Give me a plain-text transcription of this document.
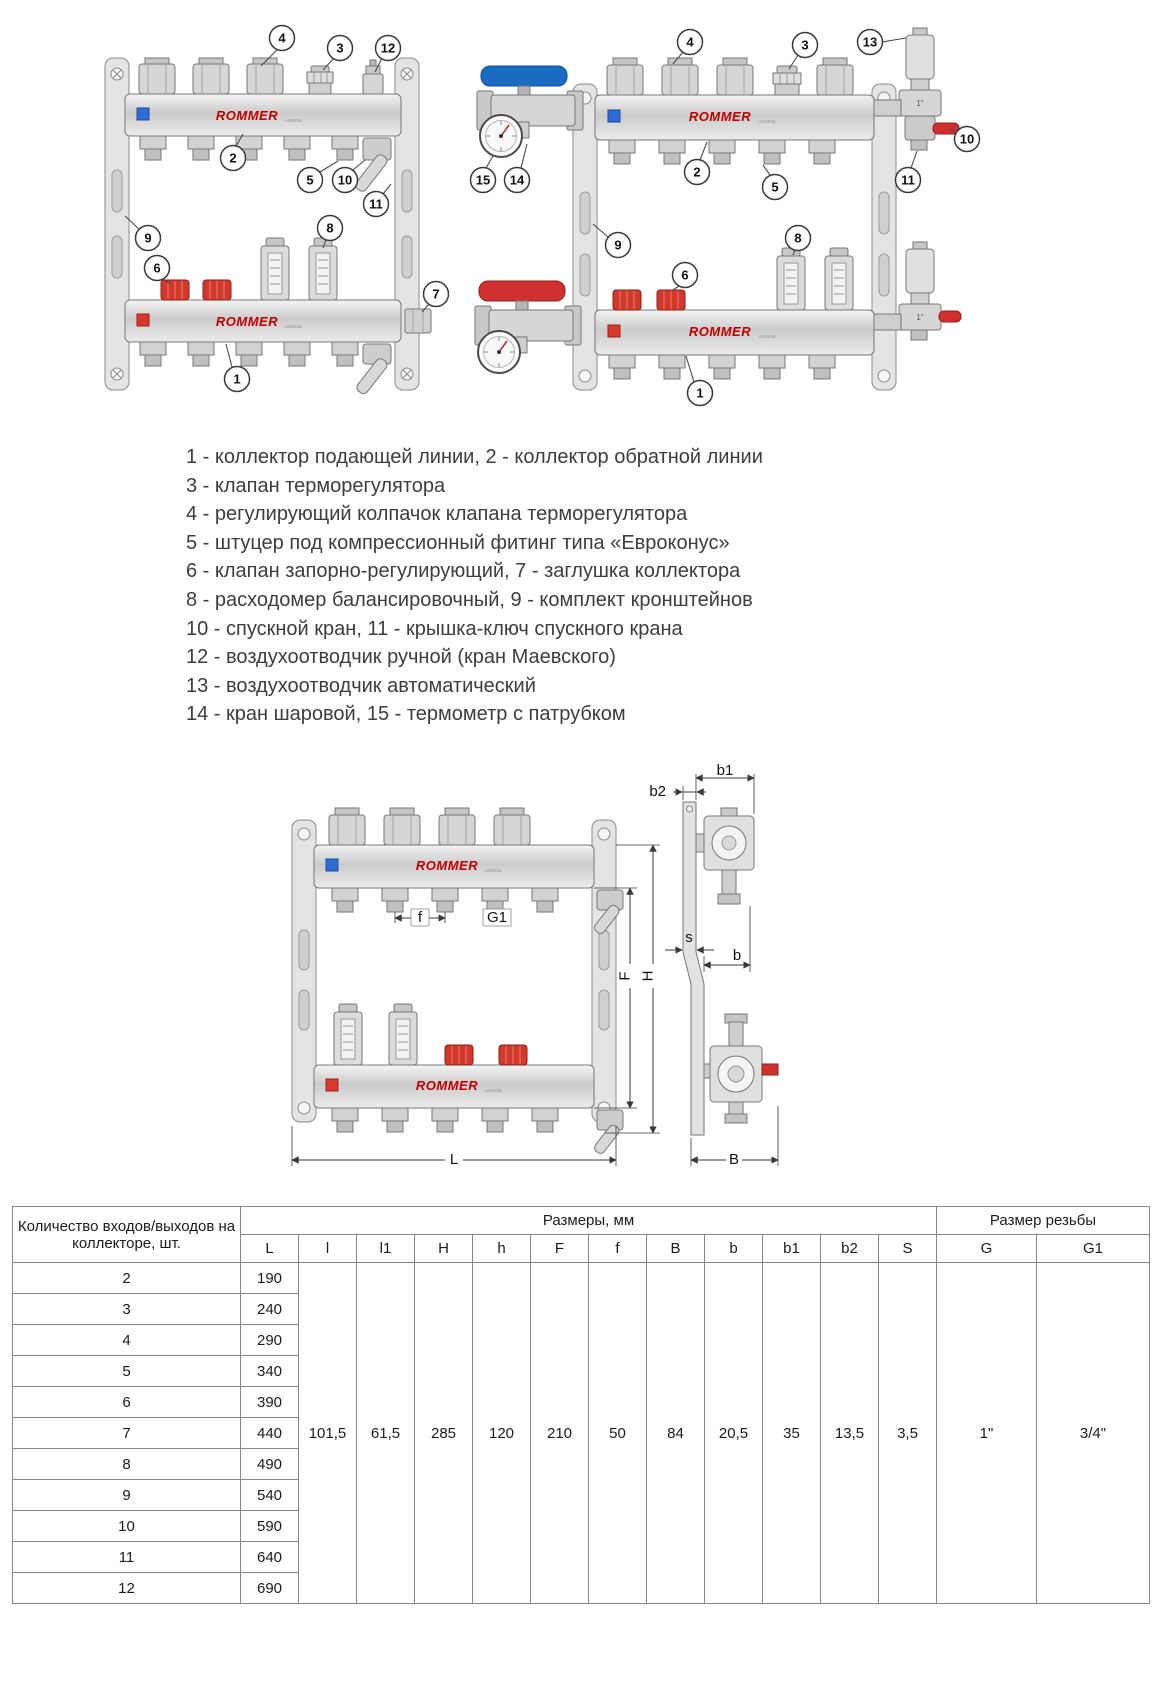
ROMMER AISI304L
ROMMER AISI304L
4
3	12
2
5 10
11
9
6
8
7
1
ROMMER AISI304L
1"
ROMMER AISI304L
1"
4	3	13
2
5
15 14
10
11
9
6
8
1
1 - коллектор подающей линии, 2 - коллектор обратной линии
3 - клапан терморегулятора
4 - регулирующий колпачок клапана терморегулятора
5 - штуцер под компрессионный фитинг типа «Евроконус»
6 - клапан запорно-регулирующий, 7 - заглушка коллектора
8 - расходомер балансировочный, 9 - комплект кронштейнов
10 - спускной кран, 11 - крышка-ключ спускного крана
12 - воздухоотводчик ручной (кран Маевского)
13 - воздухоотводчик автоматический
14 - кран шаровой, 15 - термометр с патрубком
ROMMER AISI304L
ROMMER AISI304L
f	G1
F H
L
b1
b2
s
b
B
Количество входов/выходов на коллекторе, шт.	Размеры, мм												Размер резьбы	
	L	l	l1	H	h	F	f	B	b	b1	b2	S	G	G1
2	190	101,5	61,5	285	120	210	50	84	20,5	35	13,5	3,5	1"	3/4"
3	240													
4	290													
5	340													
6	390													
7	440													
8	490													
9	540													
10	590													
11	640													
12	690													
